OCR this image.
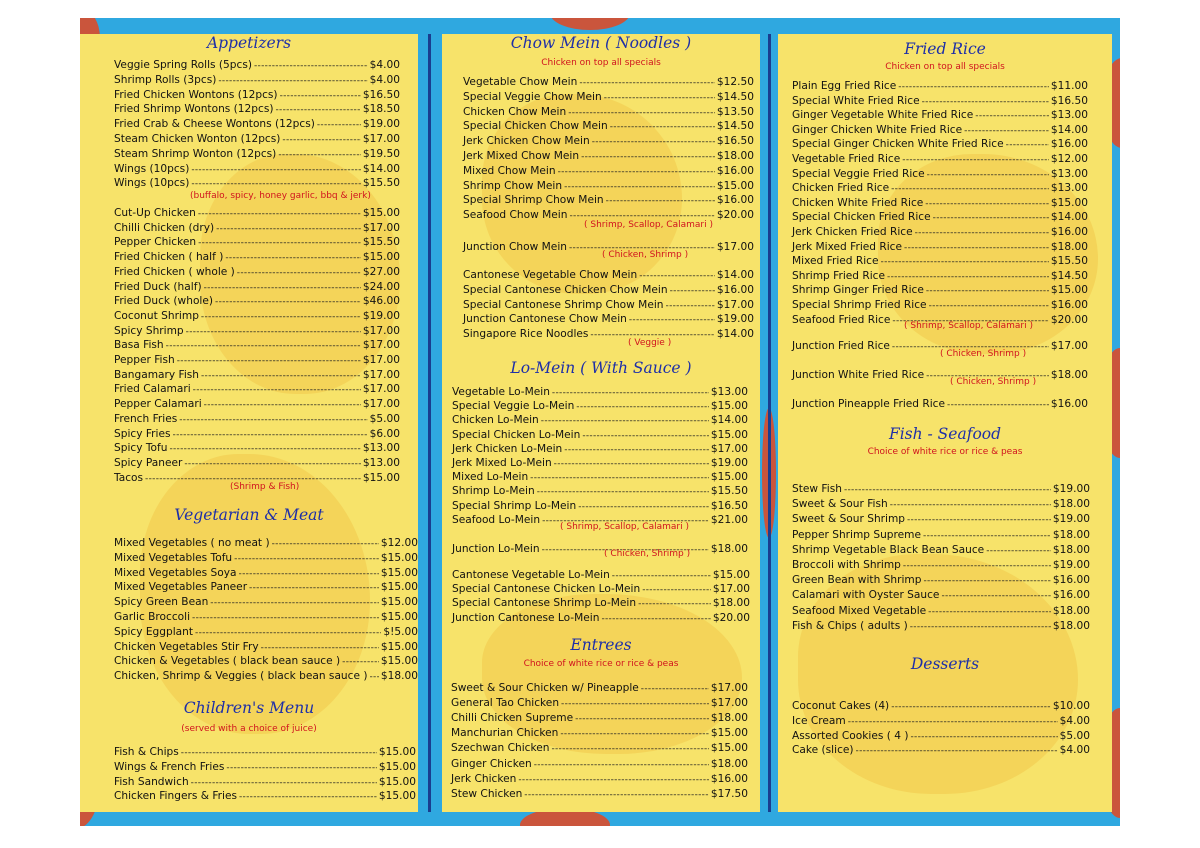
Appetizers
Veggie Spring Rolls (5pcs) -----	$4.00
Shrimp Rolls (3pcs) -----	$4.00
Fried Chicken Wontons (12pcs) -----	$16.50
Fried Shrimp Wontons (12pcs) -----	$18.50
Fried Crab & Cheese Wontons (12pcs) -----	$19.00
Steam Chicken Wonton (12pcs) -----	$17.00
Steam Shrimp Wonton (12pcs) -----	$19.50
Wings (10pcs) -----	$14.00
Wings (10pcs) -----	$15.50
(buffalo, spicy, honey garlic, bbq & jerk)
Cut-Up Chicken -----	$15.00
Chilli Chicken (dry) -----	$17.00
Pepper Chicken -----	$15.50
Fried Chicken ( half ) -----	$15.00
Fried Chicken ( whole ) -----	$27.00
Fried Duck (half) -----	$24.00
Fried Duck (whole) -----	$46.00
Coconut Shrimp -----	$19.00
Spicy Shrimp -----	$17.00
Basa Fish -----	$17.00
Pepper Fish -----	$17.00
Bangamary Fish -----	$17.00
Fried Calamari -----	$17.00
Pepper Calamari -----	$17.00
French Fries -----	$5.00
Spicy Fries -----	$6.00
Spicy Tofu -----	$13.00
Spicy Paneer -----	$13.00
Tacos -----	$15.00
(Shrimp & Fish)
Vegetarian & Meat
Mixed Vegetables ( no meat ) -----	$12.00
Mixed Vegetables Tofu -----	$15.00
Mixed Vegetables Soya -----	$15.00
Mixed Vegetables Paneer -----	$15.00
Spicy Green Bean -----	$15.00
Garlic Broccoli -----	$15.00
Spicy Eggplant -----	$!5.00
Chicken Vegetables Stir Fry -----	$15.00
Chicken & Vegetables ( black bean sauce ) -----	$15.00
Chicken, Shrimp & Veggies ( black bean sauce ) ----- $18.00
Children's Menu
(served with a choice of juice)
Fish & Chips -----	$15.00
Wings & French Fries -----	$15.00
Fish Sandwich -----	$15.00
Chicken Fingers & Fries -----	$15.00
Chow Mein ( Noodles )
Chicken on top all specials
Vegetable Chow Mein -----	$12.50
Special Veggie Chow Mein -----	$14.50
Chicken Chow Mein -----	$13.50
Special Chicken Chow Mein -----	$14.50
Jerk Chicken Chow Mein -----	$16.50
Jerk Mixed Chow Mein -----	$18.00
Mixed Chow Mein -----	$16.00
Shrimp Chow Mein -----	$15.00
Special Shrimp Chow Mein -----	$16.00
Seafood Chow Mein -----	$20.00
( Shrimp, Scallop, Calamari )
Junction Chow Mein -----	$17.00
( Chicken, Shrimp )
Cantonese Vegetable Chow Mein -----	$14.00
Special Cantonese Chicken Chow Mein -----	$16.00
Special Cantonese Shrimp Chow Mein -----	$17.00
Junction Cantonese Chow Mein -----	$19.00
Singapore Rice Noodles -----	$14.00
( Veggie )
Lo-Mein ( With Sauce )
Vegetable Lo-Mein -----	$13.00
Special Veggie Lo-Mein -----	$15.00
Chicken Lo-Mein -----	$14.00
Special Chicken Lo-Mein -----	$15.00
Jerk Chicken Lo-Mein -----	$17.00
Jerk Mixed Lo-Mein -----	$19.00
Mixed Lo-Mein -----	$15.00
Shrimp Lo-Mein -----	$15.50
Special Shrimp Lo-Mein -----	$16.50
Seafood Lo-Mein -----	$21.00
( Shrimp, Scallop, Calamari )
Junction Lo-Mein -----	$18.00
( Chicken, Shrimp )
Cantonese Vegetable Lo-Mein -----	$15.00
Special Cantonese Chicken Lo-Mein -----	$17.00
Special Cantonese Shrimp Lo-Mein -----	$18.00
Junction Cantonese Lo-Mein -----	$20.00
Entrees
Choice of white rice or rice & peas
Sweet & Sour Chicken w/ Pineapple -----	$17.00
General Tao Chicken -----	$17.00
Chilli Chicken Supreme -----	$18.00
Manchurian Chicken -----	$15.00
Szechwan Chicken -----	$15.00
Ginger Chicken -----	$18.00
Jerk Chicken -----	$16.00
Stew Chicken -----	$17.50
Fried Rice
Chicken on top all specials
Plain Egg Fried Rice -----	$11.00
Special White Fried Rice -----	$16.50
Ginger Vegetable White Fried Rice -----	$13.00
Ginger Chicken White Fried Rice -----	$14.00
Special Ginger Chicken White Fried Rice -----	$16.00
Vegetable Fried Rice -----	$12.00
Special Veggie Fried Rice -----	$13.00
Chicken Fried Rice -----	$13.00
Chicken White Fried Rice -----	$15.00
Special Chicken Fried Rice -----	$14.00
Jerk Chicken Fried Rice -----	$16.00
Jerk Mixed Fried Rice -----	$18.00
Mixed Fried Rice -----	$15.50
Shrimp Fried Rice -----	$14.50
Shrimp Ginger Fried Rice -----	$15.00
Special Shrimp Fried Rice -----	$16.00
Seafood Fried Rice -----	$20.00
( Shrimp, Scallop, Calamari )
Junction Fried Rice -----	$17.00
( Chicken, Shrimp )
Junction White Fried Rice -----	$18.00
( Chicken, Shrimp )
Junction Pineapple Fried Rice -----	$16.00
Fish - Seafood
Choice of white rice or rice & peas
Stew Fish -----	$19.00
Sweet & Sour Fish -----	$18.00
Sweet & Sour Shrimp -----	$19.00
Pepper Shrimp Supreme -----	$18.00
Shrimp Vegetable Black Bean Sauce -----	$18.00
Broccoli with Shrimp -----	$19.00
Green Bean with Shrimp -----	$16.00
Calamari with Oyster Sauce -----	$16.00
Seafood Mixed Vegetable -----	$18.00
Fish & Chips ( adults ) -----	$18.00
Desserts
Coconut Cakes (4) -----	$10.00
Ice Cream -----	$4.00
Assorted Cookies ( 4 ) -----	$5.00
Cake (slice) -----	$4.00
